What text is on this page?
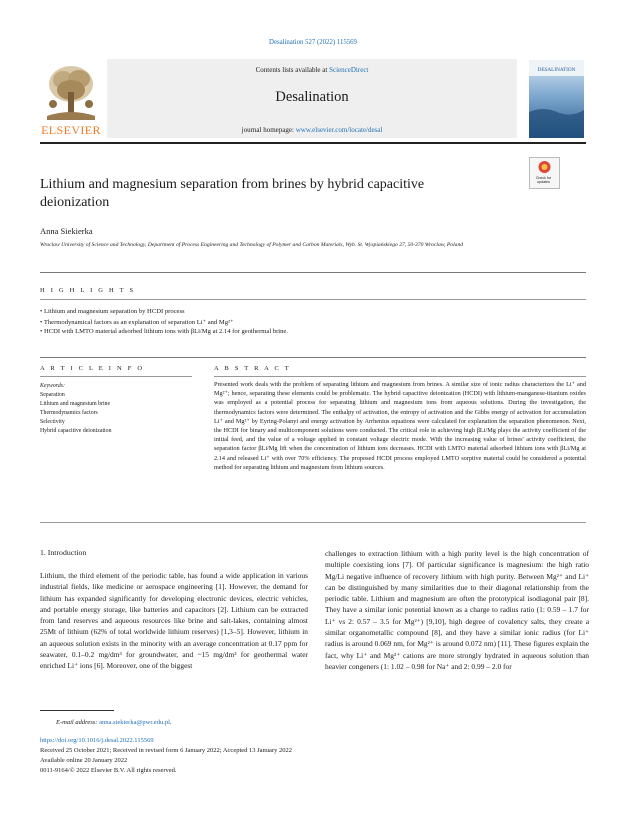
Desalination 527 (2022) 115569
Contents lists available at ScienceDirect
Desalination
journal homepage: www.elsevier.com/locate/desal
ELSEVIER
DESALINATION
Check for updates
Lithium and magnesium separation from brines by hybrid capacitive deionization
Anna Siekierka
Wroclaw University of Science and Technology, Department of Process Engineering and Technology of Polymer and Carbon Materials, Wyb. St. Wyspiańskiego 27, 50-370 Wroclaw, Poland
H I G H L I G H T S
• Lithium and magnesium separation by HCDI process
• Thermodynamical factors as an explanation of separation Li⁺ and Mg²⁺
• HCDI with LMTO material adsorbed lithium ions with βLi/Mg at 2.14 for geothermal brine.
A R T I C L E I N F O	A B S T R A C T
Keywords:
Separation
Lithium and magnesium brine
Thermodynamics factors
Selectivity
Hybrid capacitive deionization
Presented work deals with the problem of separating lithium and magnesium from brines. A similar size of ionic radius characterizes the Li⁺ and Mg²⁺; hence, separating these elements could be problematic. The hybrid capacitive deionization (HCDI) with lithium-manganese-titanium oxides was employed as a potential process for separating lithium and magnesium ions from aqueous solutions. During the investigation, the thermodynamics factors were determined. The enthalpy of activation, the entropy of activation and the Gibbs energy of activation for accumulation Li⁺ and Mg²⁺ by Eyring-Polanyi and energy activation by Arrhenius equations were calculated for explanation the separation phenomenon. Next, the HCDI for binary and multicomponent solutions were conducted. The critical role in achieving high βLi/Mg plays the activity coefficient of the initial feed, and the value of a voltage applied in constant voltage electric mode. With the increasing value of brines' activity coefficient, the separation factor βLi/Mg lift when the concentration of lithium ions decreases. HCDI with LMTO material adsorbed lithium ions with βLi/Mg at 2.14 and released Li⁺ with over 70% efficiency. The proposed HCDI process employed LMTO sorptive material could be considered a potential method for separating lithium and magnesium from lithium sources.
1. Introduction
Lithium, the third element of the periodic table, has found a wide application in various industrial fields, like medicine or aerospace engineering [1]. However, the demand for lithium has expanded significantly for developing electronic devices, electric vehicles, and portable energy storage, like batteries and capacitors [2]. Lithium can be extracted from land reserves and aqueous resources like brine and salt-lakes, containing almost 25Mt of lithium (62% of total worldwide lithium reserves) [1,3–5]. However, lithium in an aqueous solution exists in the minority with an average concentration at 0.17 ppm for seawater, 0.1–0.2 mg/dm³ for groundwater, and ~15 mg/dm³ for geothermal water enriched Li⁺ ions [6]. Moreover, one of the biggest
challenges to extraction lithium with a high purity level is the high concentration of multiple coexisting ions [7]. Of particular significance is magnesium: the high ratio Mg/Li negative influence of recovery lithium with high purity. Between Mg²⁺ and Li⁺ can be distinguished by many similarities due to their diagonal relationship from the periodic table. Lithium and magnesium are often the prototypical isodiagonal pair [8]. They have a similar ionic potential known as a charge to radius ratio (1: 0.59 – 1.7 for Li⁺ vs 2: 0.57 – 3.5 for Mg²⁺) [9,10], high degree of covalency salts, they create a similar organometallic compound [8], and they have a similar ionic radius (for Li⁺ radius is around 0.069 nm, for Mg²⁺ is around 0.072 nm) [11]. These figures explain the fact, why Li⁺ and Mg²⁺ cations are more strongly hydrated in aqueous solution than heavier congeners (1: 1.02 – 0.98 for Na⁺ and 2: 0.99 – 2.0 for
E-mail address: anna.siekierka@pwr.edu.pl.
https://doi.org/10.1016/j.desal.2022.115569
Received 25 October 2021; Received in revised form 6 January 2022; Accepted 13 January 2022
Available online 20 January 2022
0011-9164/© 2022 Elsevier B.V. All rights reserved.
